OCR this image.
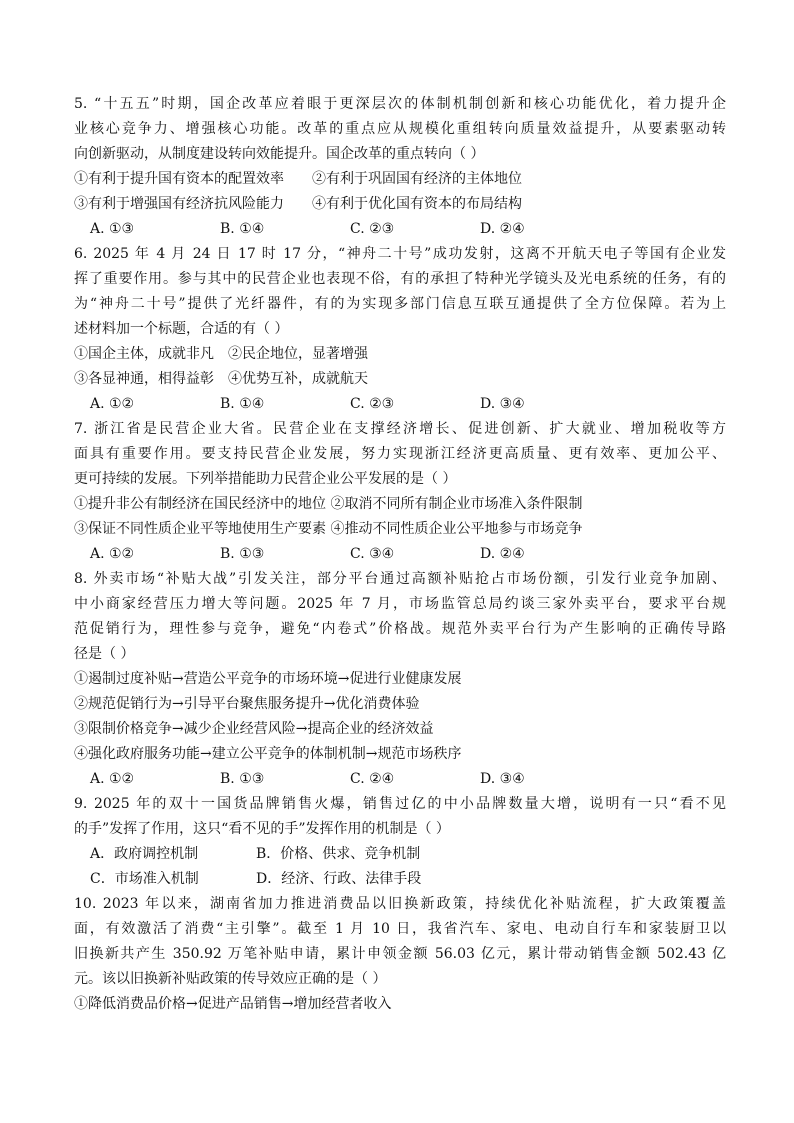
5. “十五五”时期，国企改革应着眼于更深层次的体制机制创新和核心功能优化，着力提升企
业核心竞争力、增强核心功能。改革的重点应从规模化重组转向质量效益提升，从要素驱动转
向创新驱动，从制度建设转向效能提升。国企改革的重点转向（ ）
①有利于提升国有资本的配置效率　　②有利于巩固国有经济的主体地位
③有利于增强国有经济抗风险能力　　④有利于优化国有资本的布局结构
A. ①③	B. ①④	C. ②③	D. ②④
6. 2025 年 4 月 24 日 17 时 17 分，“神舟二十号”成功发射，这离不开航天电子等国有企业发
挥了重要作用。参与其中的民营企业也表现不俗，有的承担了特种光学镜头及光电系统的任务，有的
为“神舟二十号”提供了光纤器件，有的为实现多部门信息互联互通提供了全方位保障。若为上
述材料加一个标题，合适的有（ ）
①国企主体，成就非凡　②民企地位，显著增强
③各显神通，相得益彰　④优势互补，成就航天
A. ①②	B. ①④	C. ②③	D. ③④
7. 浙江省是民营企业大省。民营企业在支撑经济增长、促进创新、扩大就业、增加税收等方
面具有重要作用。要支持民营企业发展，努力实现浙江经济更高质量、更有效率、更加公平、
更可持续的发展。下列举措能助力民营企业公平发展的是（ ）
①提升非公有制经济在国民经济中的地位 ②取消不同所有制企业市场准入条件限制
③保证不同性质企业平等地使用生产要素 ④推动不同性质企业公平地参与市场竞争
A. ①②	B. ①③	C. ③④	D. ②④
8. 外卖市场“补贴大战”引发关注，部分平台通过高额补贴抢占市场份额，引发行业竞争加剧、
中小商家经营压力增大等问题。2025 年 7 月，市场监管总局约谈三家外卖平台，要求平台规
范促销行为，理性参与竞争，避免“内卷式”价格战。规范外卖平台行为产生影响的正确传导路
径是（ ）
①遏制过度补贴→营造公平竞争的市场环境→促进行业健康发展
②规范促销行为→引导平台聚焦服务提升→优化消费体验
③限制价格竞争→减少企业经营风险→提高企业的经济效益
④强化政府服务功能→建立公平竞争的体制机制→规范市场秩序
A. ①②	B. ①③	C. ②④	D. ③④
9. 2025 年的双十一国货品牌销售火爆，销售过亿的中小品牌数量大增，说明有一只“看不见
的手”发挥了作用，这只“看不见的手”发挥作用的机制是（ ）
A．政府调控机制	B．价格、供求、竞争机制
C．市场准入机制	D．经济、行政、法律手段
10. 2023 年以来，湖南省加力推进消费品以旧换新政策，持续优化补贴流程，扩大政策覆盖
面，有效激活了消费“主引擎”。截至 1 月 10 日，我省汽车、家电、电动自行车和家装厨卫以
旧换新共产生 350.92 万笔补贴申请，累计申领金额 56.03 亿元，累计带动销售金额 502.43 亿
元。该以旧换新补贴政策的传导效应正确的是（ ）
①降低消费品价格→促进产品销售→增加经营者收入
